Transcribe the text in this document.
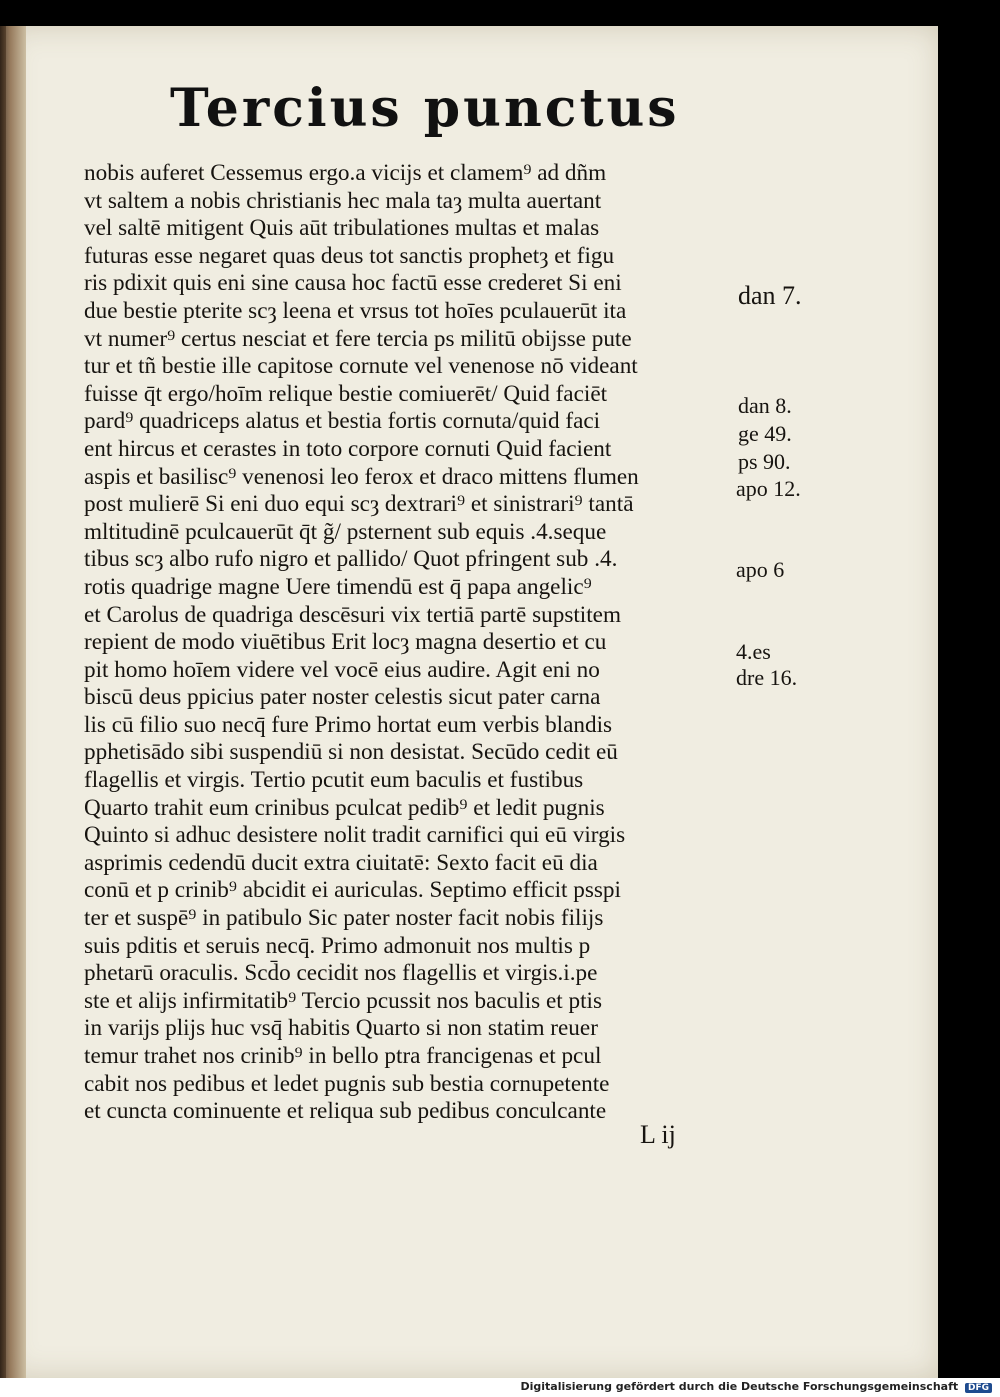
Tercius punctus
nobis auferet Cessemus ergo.a vicijs et clamem⁹ ad dñm
vt saltem a nobis christianis hec mala taȝ multa auertant
vel saltē mitigent Quis aūt tribulationes multas et malas
futuras esse negaret quas deus tot sanctis prophetȝ et figu
ris pdixit quis eni sine causa hoc factū esse crederet Si eni
due bestie pterite scȝ leena et vrsus tot hoīes pculauerūt ita
vt numer⁹ certus nesciat et fere tercia ps militū obijsse pute
tur et tñ bestie ille capitose cornute vel venenose nō videant
fuisse q̄t ergo/hoīm relique bestie comiuerēt/ Quid faciēt
pard⁹ quadriceps alatus et bestia fortis cornuta/quid faci
ent hircus et cerastes in toto corpore cornuti Quid facient
aspis et basilisc⁹ venenosi leo ferox et draco mittens flumen
post mulierē Si eni duo equi scȝ dextrari⁹ et sinistrari⁹ tantā
mltitudinē pculcauerūt q̄t g̃/ psternent sub equis .4.seque
tibus scȝ albo rufo nigro et pallido/ Quot pfringent sub .4.
rotis quadrige magne Uere timendū est q̄ papa angelic⁹
et Carolus de quadriga descēsuri vix tertiā partē supstitem
repient de modo viuētibus Erit locȝ magna desertio et cu
pit homo hoīem videre vel vocē eius audire. Agit eni no
biscū deus ppicius pater noster celestis sicut pater carna
lis cū filio suo necq̄ fure Primo hortat eum verbis blandis
pphetisādo sibi suspendiū si non desistat. Secūdo cedit eū
flagellis et virgis. Tertio pcutit eum baculis et fustibus
Quarto trahit eum crinibus pculcat pedib⁹ et ledit pugnis
Quinto si adhuc desistere nolit tradit carnifici qui eū virgis
asprimis cedendū ducit extra ciuitatē: Sexto facit eū dia
conū et p crinib⁹ abcidit ei auriculas. Septimo efficit psspi
ter et suspē⁹ in patibulo Sic pater noster facit nobis filijs
suis pditis et seruis necq̄. Primo admonuit nos multis p
phetarū oraculis. Scd̄o cecidit nos flagellis et virgis.i.pe
ste et alijs infirmitatib⁹ Tercio pcussit nos baculis et ptis
in varijs plijs huc vsq̄ habitis Quarto si non statim reuer
temur trahet nos crinib⁹ in bello ptra francigenas et pcul
cabit nos pedibus et ledet pugnis sub bestia cornupetente
et cuncta cominuente et reliqua sub pedibus conculcante
dan 7.
dan 8.
ge 49.
ps 90.
apo 12.
apo 6
4.es
dre 16.
L ij
Digitalisierung gefördert durch die Deutsche Forschungsgemeinschaft DFG
